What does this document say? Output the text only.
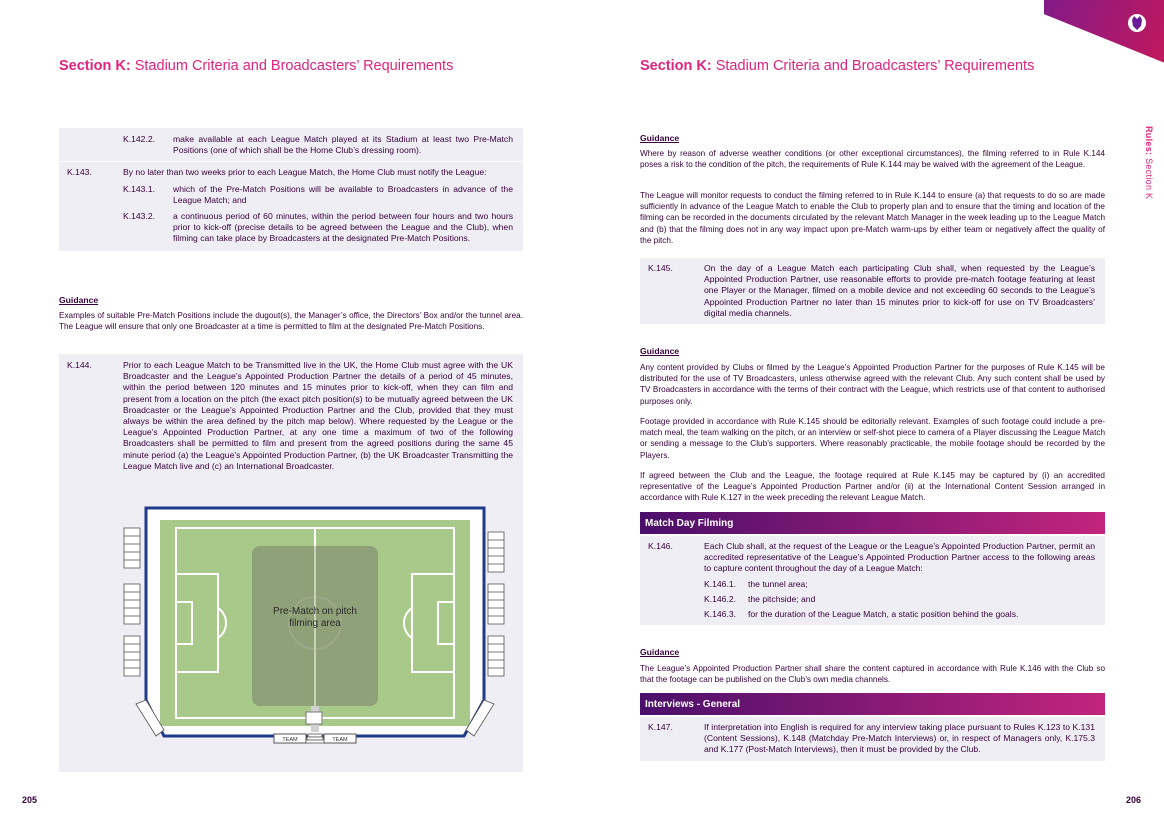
Section K: Stadium Criteria and Broadcasters’ Requirements
K.142.2.	make available at each League Match played at its Stadium at least two Pre-Match Positions (one of which shall be the Home Club’s dressing room).
K.143.	By no later than two weeks prior to each League Match, the Home Club must notify the League:
K.143.1.	which of the Pre-Match Positions will be available to Broadcasters in advance of the League Match; and
K.143.2.	a continuous period of 60 minutes, within the period between four hours and two hours prior to kick-off (precise details to be agreed between the League and the Club), when filming can take place by Broadcasters at the designated Pre-Match Positions.
Guidance
Examples of suitable Pre-Match Positions include the dugout(s), the Manager’s office, the Directors’ Box and/or the tunnel area. The League will ensure that only one Broadcaster at a time is permitted to film at the designated Pre-Match Positions.
K.144.	Prior to each League Match to be Transmitted live in the UK, the Home Club must agree with the UK Broadcaster and the League’s Appointed Production Partner the details of a period of 45 minutes, within the period between 120 minutes and 15 minutes prior to kick-off, when they can film and present from a location on the pitch (the exact pitch position(s) to be mutually agreed between the UK Broadcaster or the League’s Appointed Production Partner and the Club, provided that they must always be within the area defined by the pitch map below). Where requested by the League or the League’s Appointed Production Partner, at any one time a maximum of two of the following Broadcasters shall be permitted to film and present from the agreed positions during the same 45 minute period (a) the League’s Appointed Production Partner, (b) the UK Broadcaster Transmitting the League Match live and (c) an International Broadcaster.
Pre-Match on pitch
filming area
TEAM	TEAM
205
Section K: Stadium Criteria and Broadcasters’ Requirements
Rules: Section K
Guidance
Where by reason of adverse weather conditions (or other exceptional circumstances), the filming referred to in Rule K.144 poses a risk to the condition of the pitch, the requirements of Rule K.144 may be waived with the agreement of the League.
The League will monitor requests to conduct the filming referred to in Rule K.144 to ensure (a) that requests to do so are made sufficiently in advance of the League Match to enable the Club to properly plan and to ensure that the timing and location of the filming can be recorded in the documents circulated by the relevant Match Manager in the week leading up to the League Match and (b) that the filming does not in any way impact upon pre-Match warm-ups by either team or negatively affect the quality of the pitch.
K.145.	On the day of a League Match each participating Club shall, when requested by the League’s Appointed Production Partner, use reasonable efforts to provide pre-match footage featuring at least one Player or the Manager, filmed on a mobile device and not exceeding 60 seconds to the League’s Appointed Production Partner no later than 15 minutes prior to kick-off for use on TV Broadcasters’ digital media channels.
Guidance
Any content provided by Clubs or filmed by the League’s Appointed Production Partner for the purposes of Rule K.145 will be distributed for the use of TV Broadcasters, unless otherwise agreed with the relevant Club. Any such content shall be used by TV Broadcasters in accordance with the terms of their contract with the League, which restricts use of that content to authorised purposes only.
Footage provided in accordance with Rule K.145 should be editorially relevant. Examples of such footage could include a pre-match meal, the team walking on the pitch, or an interview or self-shot piece to camera of a Player discussing the League Match or sending a message to the Club’s supporters. Where reasonably practicable, the mobile footage should be recorded by the Players.
If agreed between the Club and the League, the footage required at Rule K.145 may be captured by (i) an accredited representative of the League’s Appointed Production Partner and/or (ii) at the International Content Session arranged in accordance with Rule K.127 in the week preceding the relevant League Match.
Match Day Filming
K.146.	Each Club shall, at the request of the League or the League’s Appointed Production Partner, permit an accredited representative of the League’s Appointed Production Partner access to the following areas to capture content throughout the day of a League Match:
K.146.1.	the tunnel area;
K.146.2.	the pitchside; and
K.146.3.	for the duration of the League Match, a static position behind the goals.
Guidance
The League’s Appointed Production Partner shall share the content captured in accordance with Rule K.146 with the Club so that the footage can be published on the Club’s own media channels.
Interviews - General
K.147.	If interpretation into English is required for any interview taking place pursuant to Rules K.123 to K.131 (Content Sessions), K.148 (Matchday Pre-Match Interviews) or, in respect of Managers only, K.175.3 and K.177 (Post-Match Interviews), then it must be provided by the Club.
206
